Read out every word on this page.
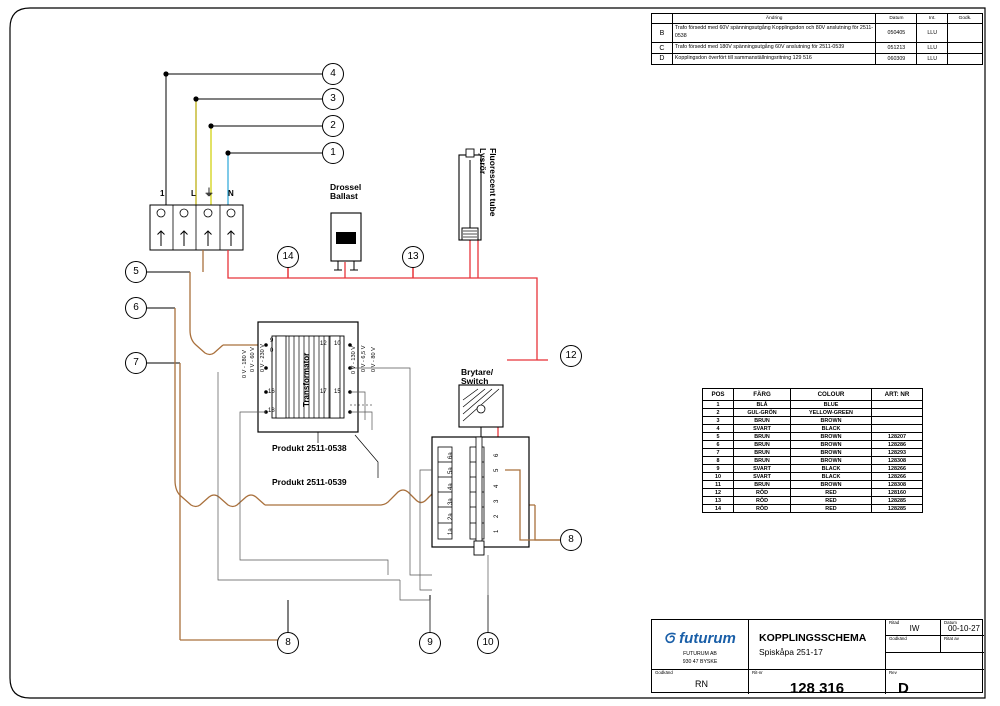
1	L ⏚ N
Drossel
Ballast
Lysrör Fluorescent tube
Transformator
0 V - 230 V
0 V - 60 V
0 V - 180 V	0 V - 6,5 V
0 V - 130 V	0 V - 80 V
9
0
16
18
10
12
15
17
Produkt 2511-0538
Produkt 2511-0539
Brytare/
Switch
1a
2a
3a
4a
5a
6a
1
2
3
4
5
6
4
3
2
1
5
6
7
14	13
12
8
8	9	10
	Ändring	Datum	Int.	Godk.
B	Trafo försedd med 60V spänningsutgång Kopplingsdon och 80V anslutning för 2511-0538	050405	LLU	
C	Trafo försedd med 180V spänningsutgång 60V anslutning för 2511-0539	051213	LLU	
D	Kopplingsdon överfört till sammanställningsritning 129 516	060309	LLU	
POS	FÄRG	COLOUR	ART: NR
1	BLÅ	BLUE	
2	GUL-GRÖN	YELLOW-GREEN	
3	BRUN	BROWN	
4	SVART	BLACK	
5	BRUN	BROWN	128207
6	BRUN	BROWN	128286
7	BRUN	BROWN	128293
8	BRUN	BROWN	128308
9	SVART	BLACK	128266
10	SVART	BLACK	128266
11	BRUN	BROWN	128308
12	RÖD	RED	128160
13	RÖD	RED	128285
14	RÖD	RED	128285
futurum
FUTURUM AB
930 47 BYSKE
KOPPLINGSSCHEMA
Spiskåpa 251-17
Ritad
IW
Datum
00-10-27
Godkänd	Ritat av
Godkänd
RN
Rit-nr
128 316
Rev
D
